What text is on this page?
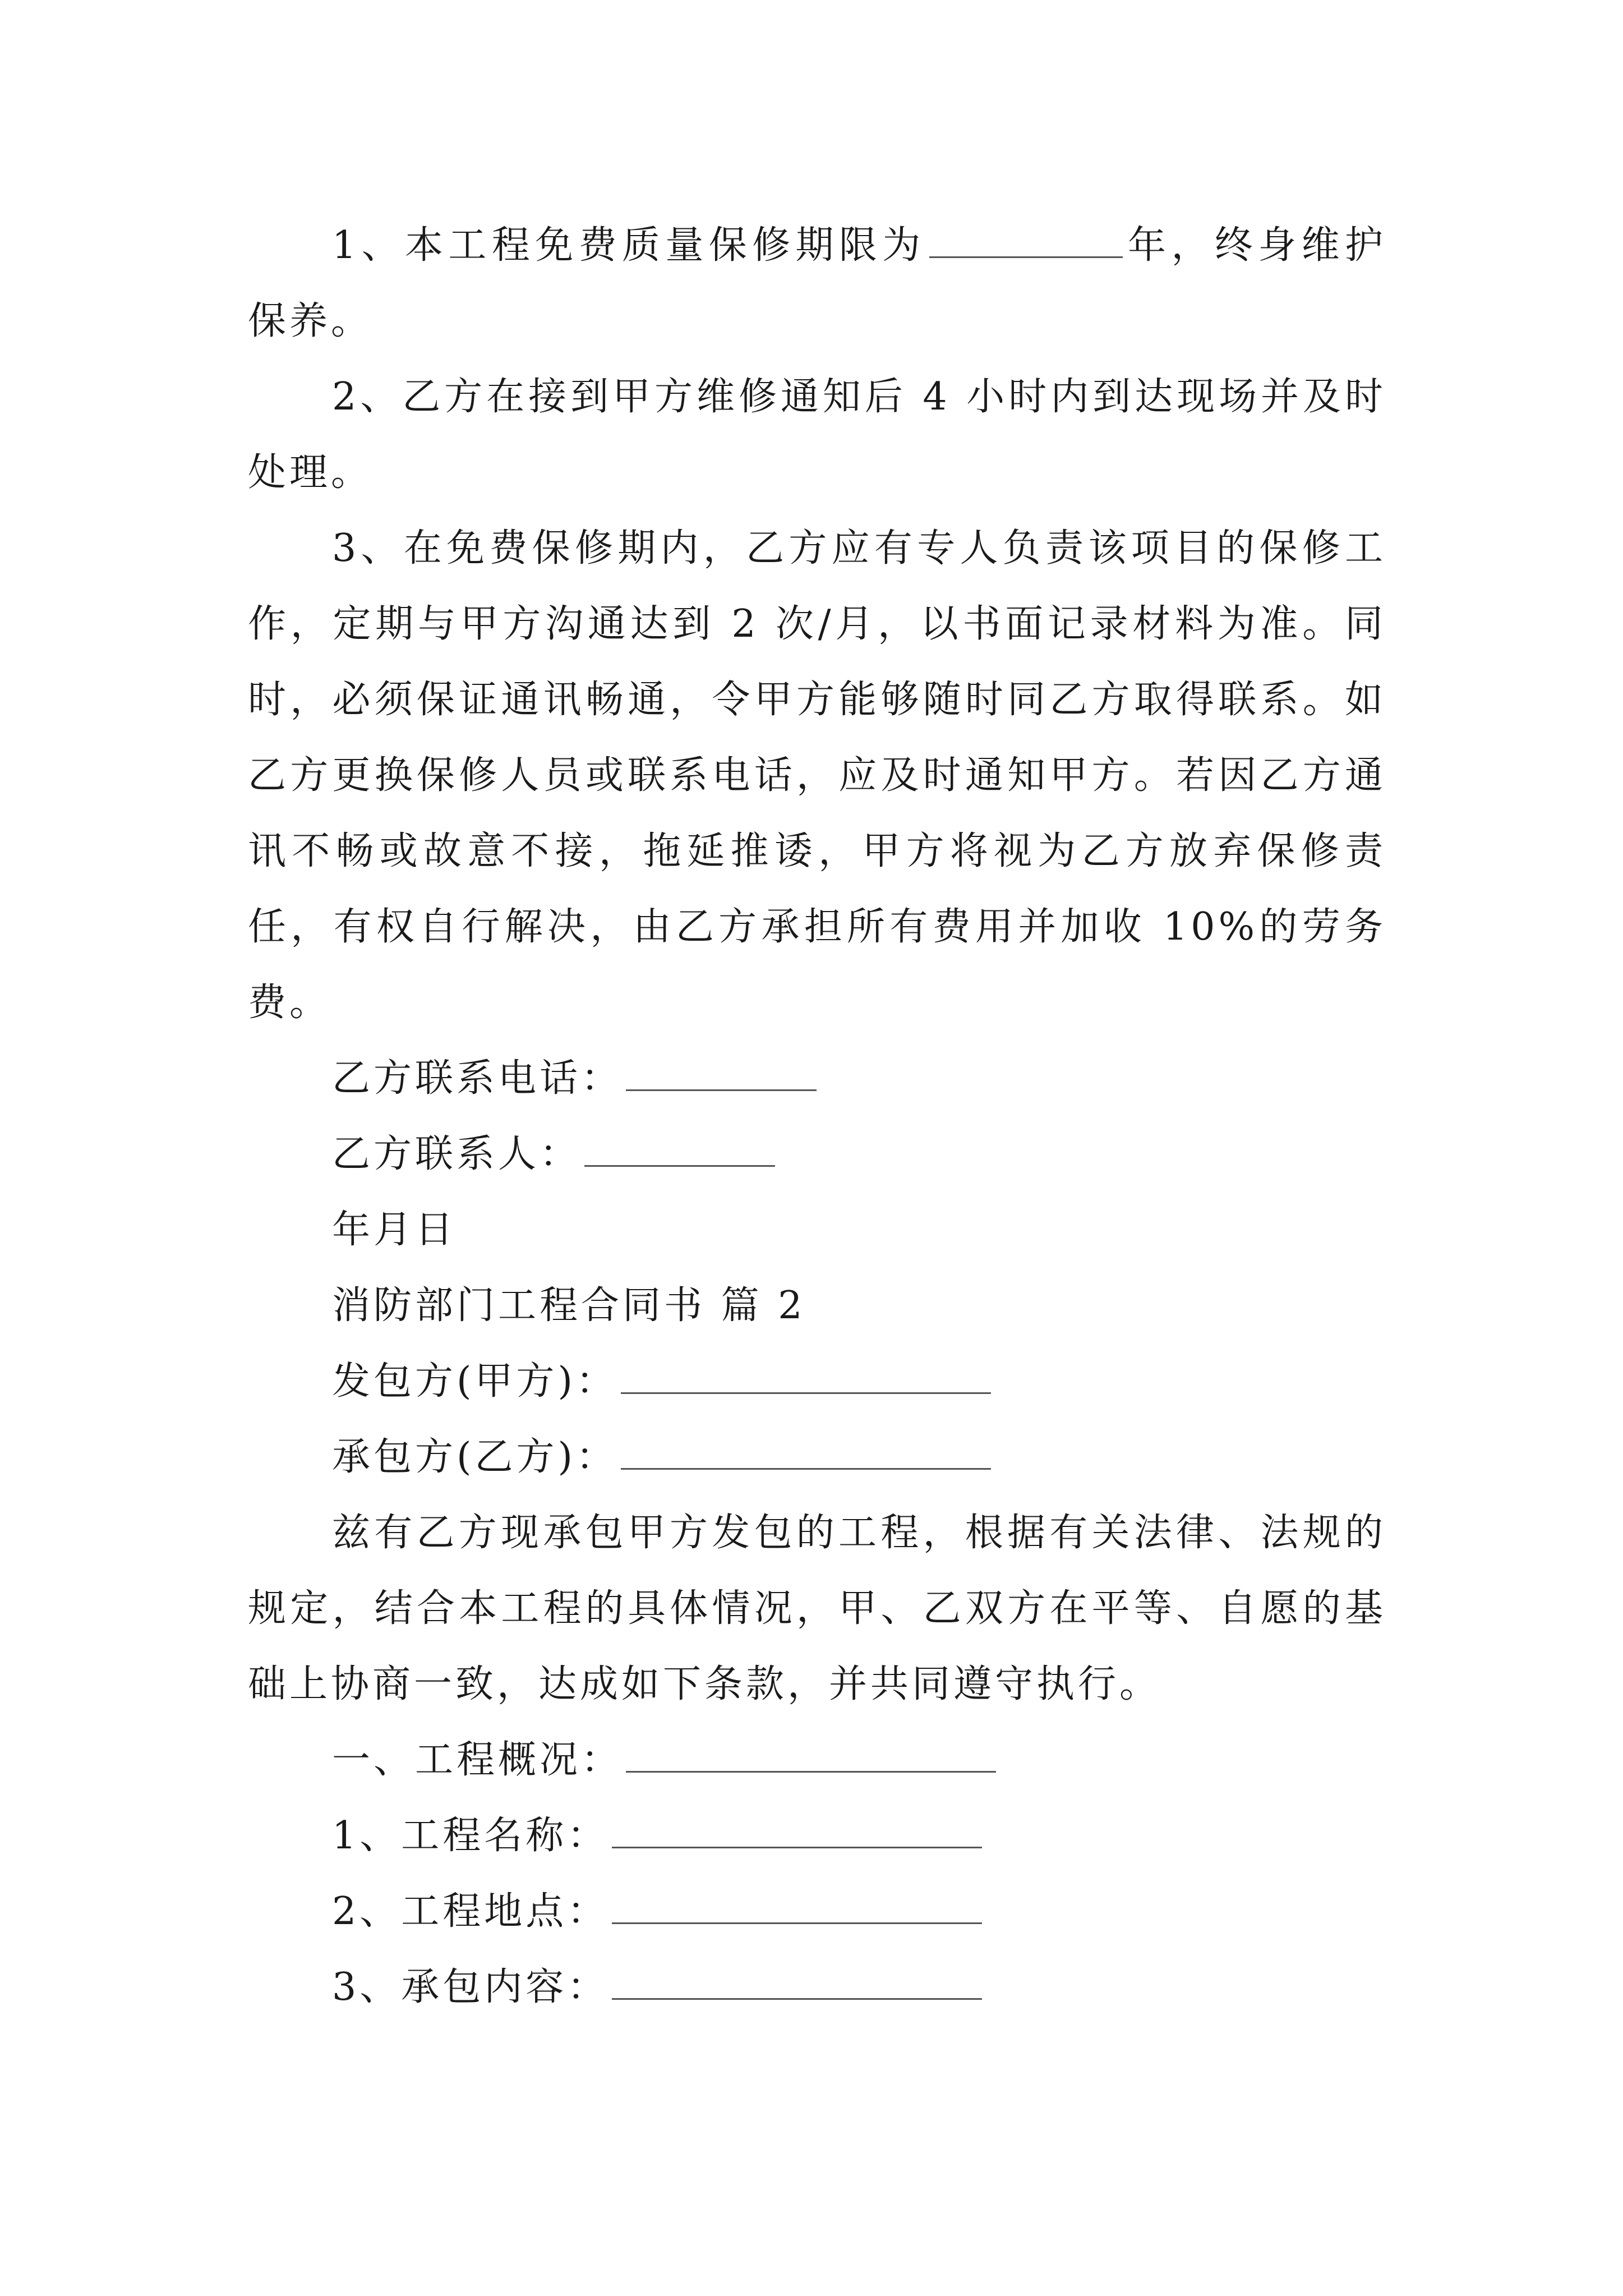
1、本工程免费质量保修期限为	年，终身维护保养。

2、乙方在接到甲方维修通知后 4 小时内到达现场并及时处理。

3、在免费保修期内，乙方应有专人负责该项目的保修工作，定期与甲方沟通达到 2 次/月，以书面记录材料为准。同时，必须保证通讯畅通，令甲方能够随时同乙方取得联系。如乙方更换保修人员或联系电话，应及时通知甲方。若因乙方通讯不畅或故意不接，拖延推诿，甲方将视为乙方放弃保修责任，有权自行解决，由乙方承担所有费用并加收 10%的劳务费。

乙方联系电话：
乙方联系人：
年月日
消防部门工程合同书 篇 2
发包方(甲方)：
承包方(乙方)：

兹有乙方现承包甲方发包的工程，根据有关法律、法规的规定，结合本工程的具体情况，甲、乙双方在平等、自愿的基础上协商一致，达成如下条款，并共同遵守执行。

一、工程概况：
1、工程名称：
2、工程地点：
3、承包内容：
